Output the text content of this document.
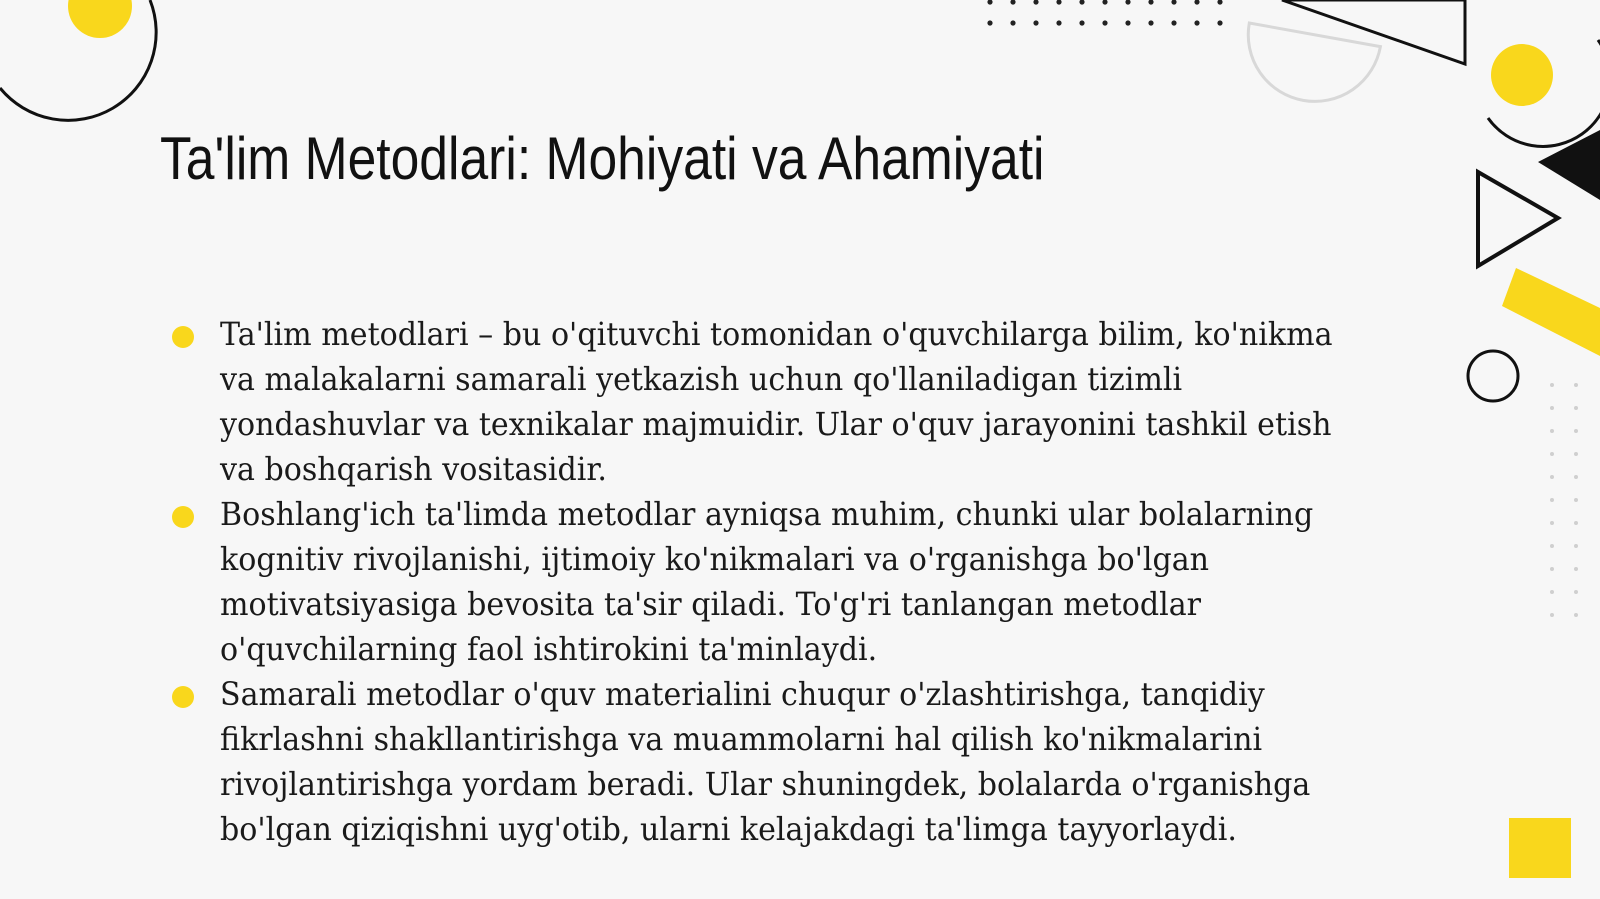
Ta'lim Metodlari: Mohiyati va Ahamiyati
Ta'lim metodlari – bu o'qituvchi tomonidan o'quvchilarga bilim, ko'nikma va malakalarni samarali yetkazish uchun qo'llaniladigan tizimli yondashuvlar va texnikalar majmuidir. Ular o'quv jarayonini tashkil etish va boshqarish vositasidir.
Boshlang'ich ta'limda metodlar ayniqsa muhim, chunki ular bolalarning kognitiv rivojlanishi, ijtimoiy ko'nikmalari va o'rganishga bo'lgan motivatsiyasiga bevosita ta'sir qiladi. To'g'ri tanlangan metodlar o'quvchilarning faol ishtirokini ta'minlaydi.
Samarali metodlar o'quv materialini chuqur o'zlashtirishga, tanqidiy fikrlashni shakllantirishga va muammolarni hal qilish ko'nikmalarini rivojlantirishga yordam beradi. Ular shuningdek, bolalarda o'rganishga bo'lgan qiziqishni uyg'otib, ularni kelajakdagi ta'limga tayyorlaydi.
